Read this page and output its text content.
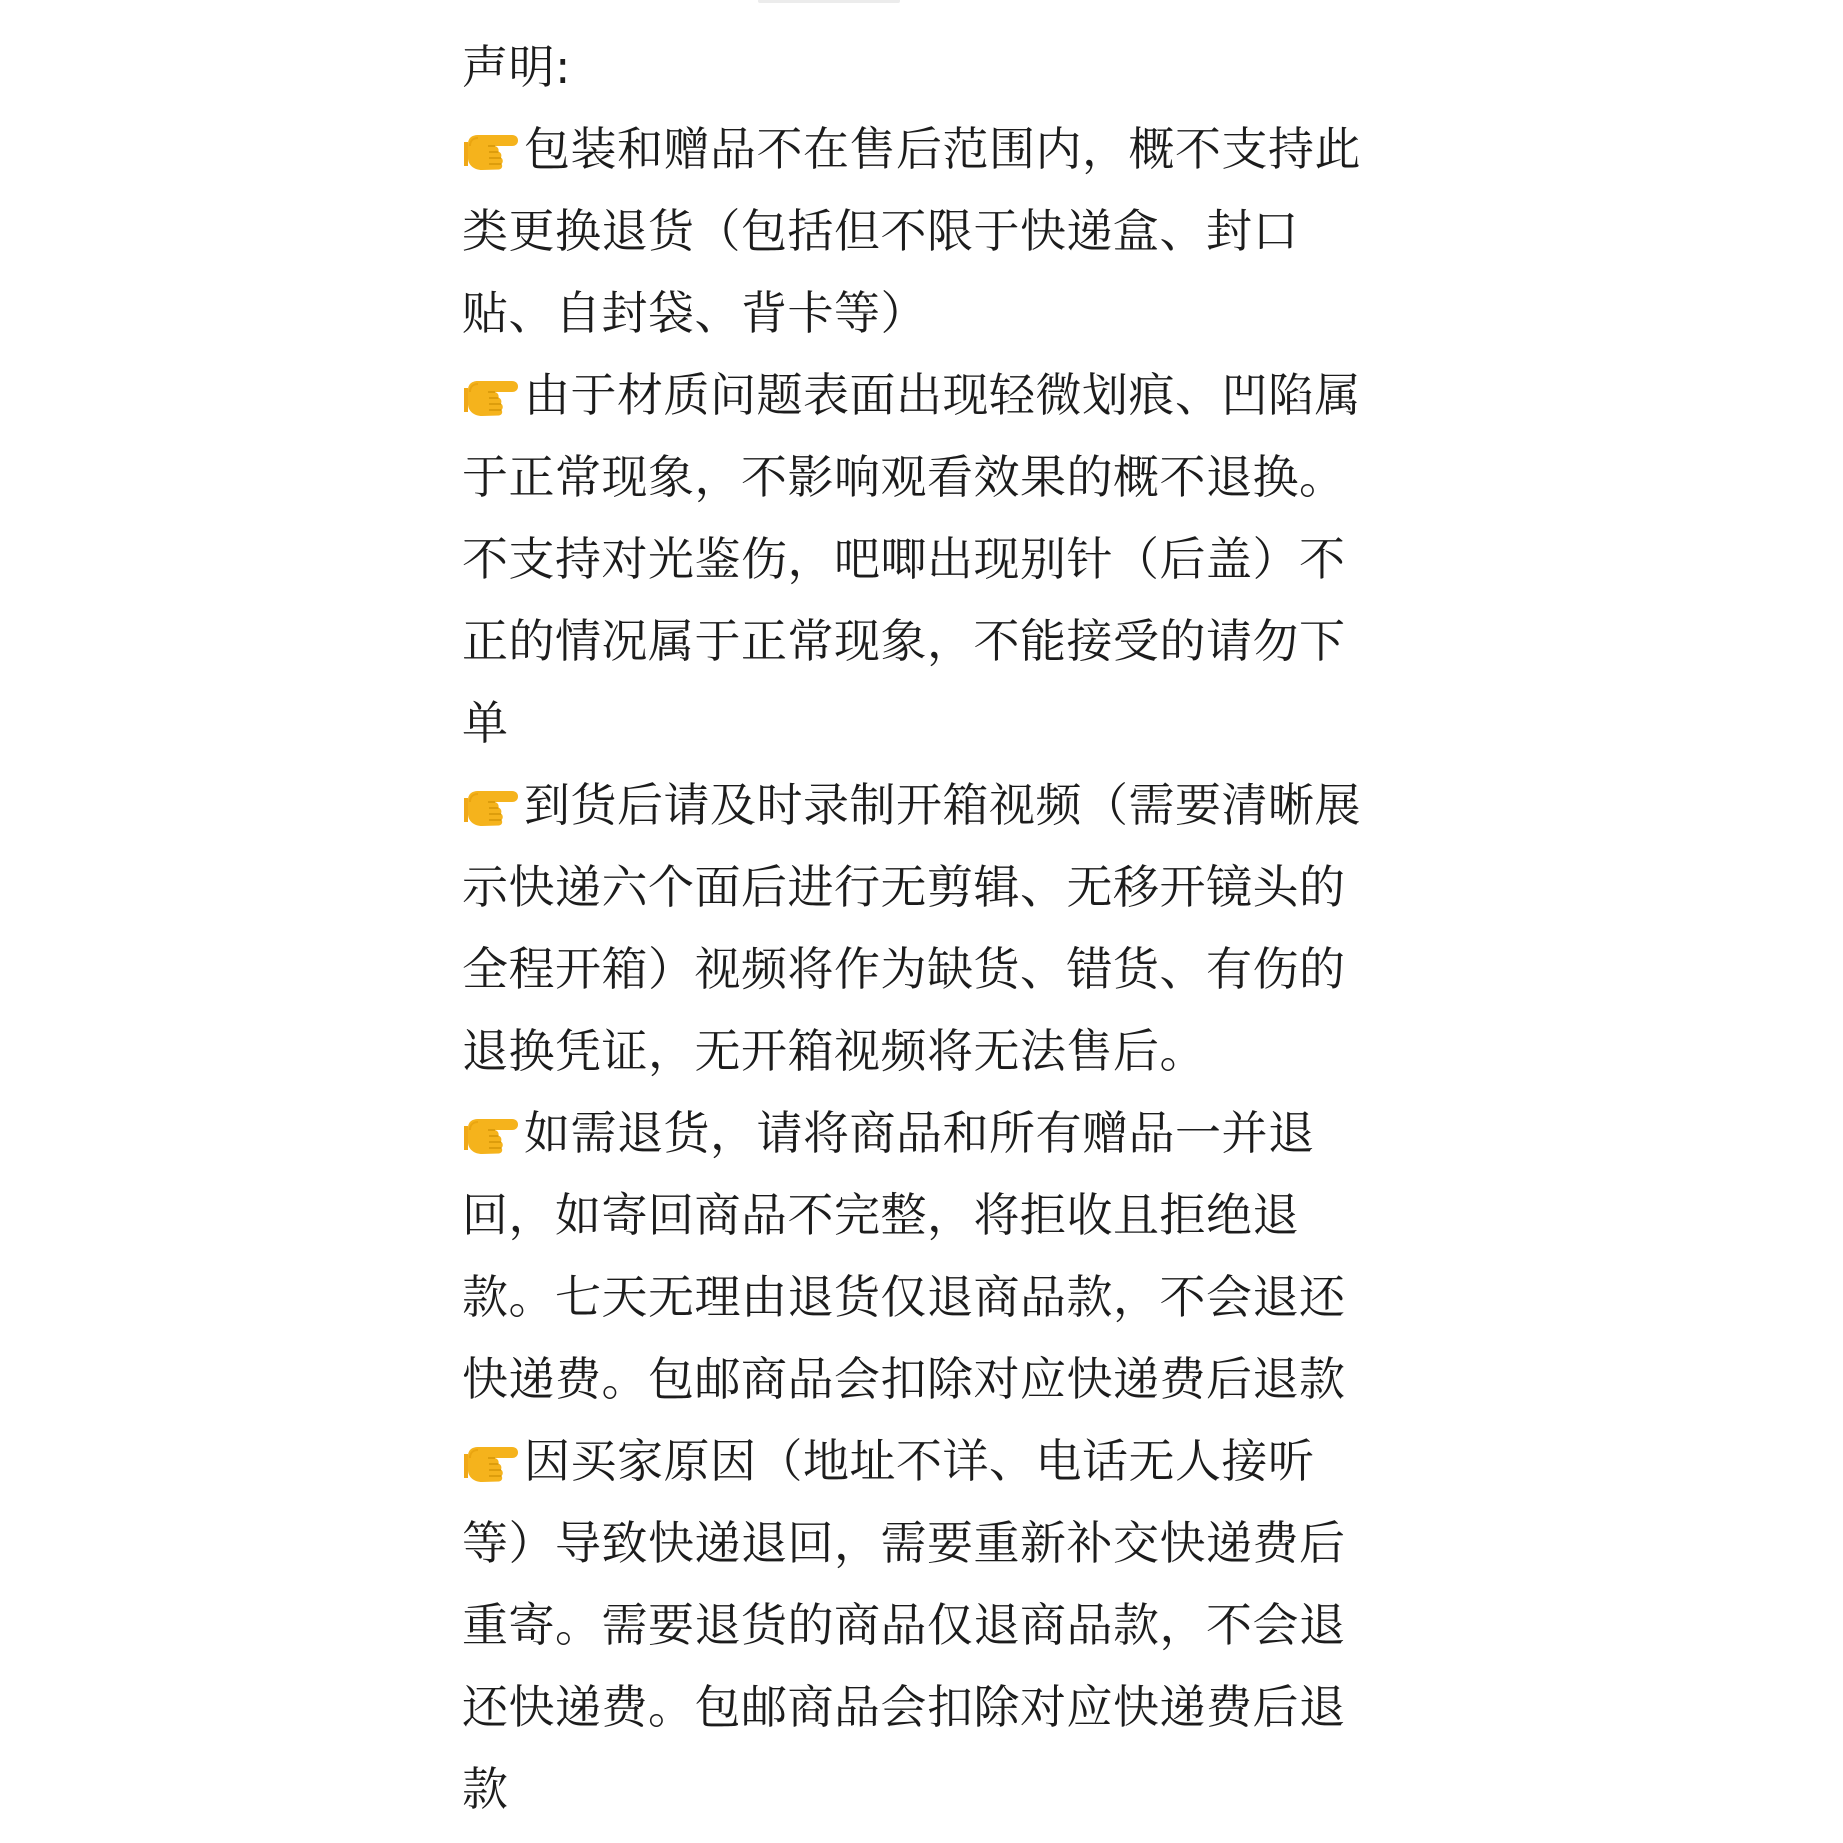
声明:
包装和赠品不在售后范围内，概不支持此
类更换退货（包括但不限于快递盒、封口
贴、自封袋、背卡等）
由于材质问题表面出现轻微划痕、凹陷属
于正常现象，不影响观看效果的概不退换。
不支持对光鉴伤，吧唧出现别针（后盖）不
正的情况属于正常现象，不能接受的请勿下
单
到货后请及时录制开箱视频（需要清晰展
示快递六个面后进行无剪辑、无移开镜头的
全程开箱）视频将作为缺货、错货、有伤的
退换凭证，无开箱视频将无法售后。
如需退货，请将商品和所有赠品一并退
回，如寄回商品不完整，将拒收且拒绝退
款。七天无理由退货仅退商品款，不会退还
快递费。包邮商品会扣除对应快递费后退款
因买家原因（地址不详、电话无人接听
等）导致快递退回，需要重新补交快递费后
重寄。需要退货的商品仅退商品款，不会退
还快递费。包邮商品会扣除对应快递费后退
款
